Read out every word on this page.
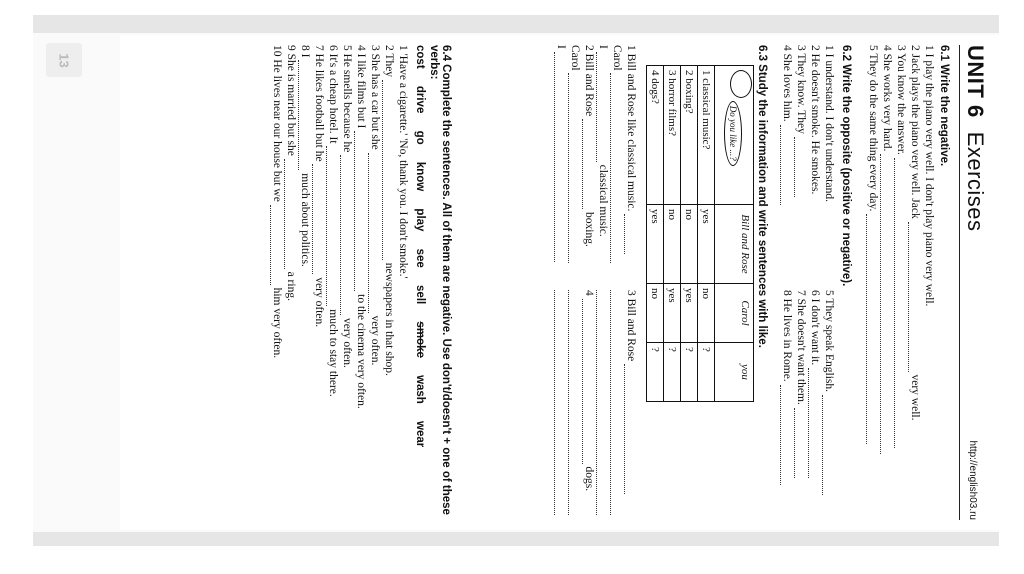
13	UNIT 6Exercises
http://english03.ru
6.1 Write the negative.
1 I play the piano very well. I don't play piano very well.
2 Jack plays the piano very well. Jack  very well.
3 You know the answer.
4 She works very hard.
5 They do the same thing every day.
6.2 Write the opposite (positive or negative).
1 I understand. I don't understand.
2 He doesn't smoke. He smokes.
3 They know. They
4 She loves him.
5 They speak English.
6 I don't want it.
7 She doesn't want them.
8 He lives in Rome.
6.3 Study the information and write sentences with like.
Do you like ...?	Bill and Rose	Carol	you
1 classical music?	yes	no	?
2 boxing?	no	yes	?
3 horror films?	no	yes	?
4 dogs?	yes	no	?
1 Bill and Rose like classical music.
Carol
I  classical music.
2 Bill and Rose  boxing.
Carol
I
3 Bill and Rose
4  dogs.
6.4 Complete the sentences. All of them are negative. Use don't/doesn't + one of these verbs:
cost drive go know play see sell smoke wash wear
1 'Have a cigarette.' 'No, thank you. I don't smoke.'
2 They  newspapers in that shop.
3 She has a car but she  very often.
4 I like films but I  to the cinema very often.
5 He smells because he  very often.
6 It's a cheap hotel. It  much to stay there.
7 He likes football but he  very often.
8 I  much about politics.
9 She is married but she  a ring.
10 He lives near our house but we  him very often.
